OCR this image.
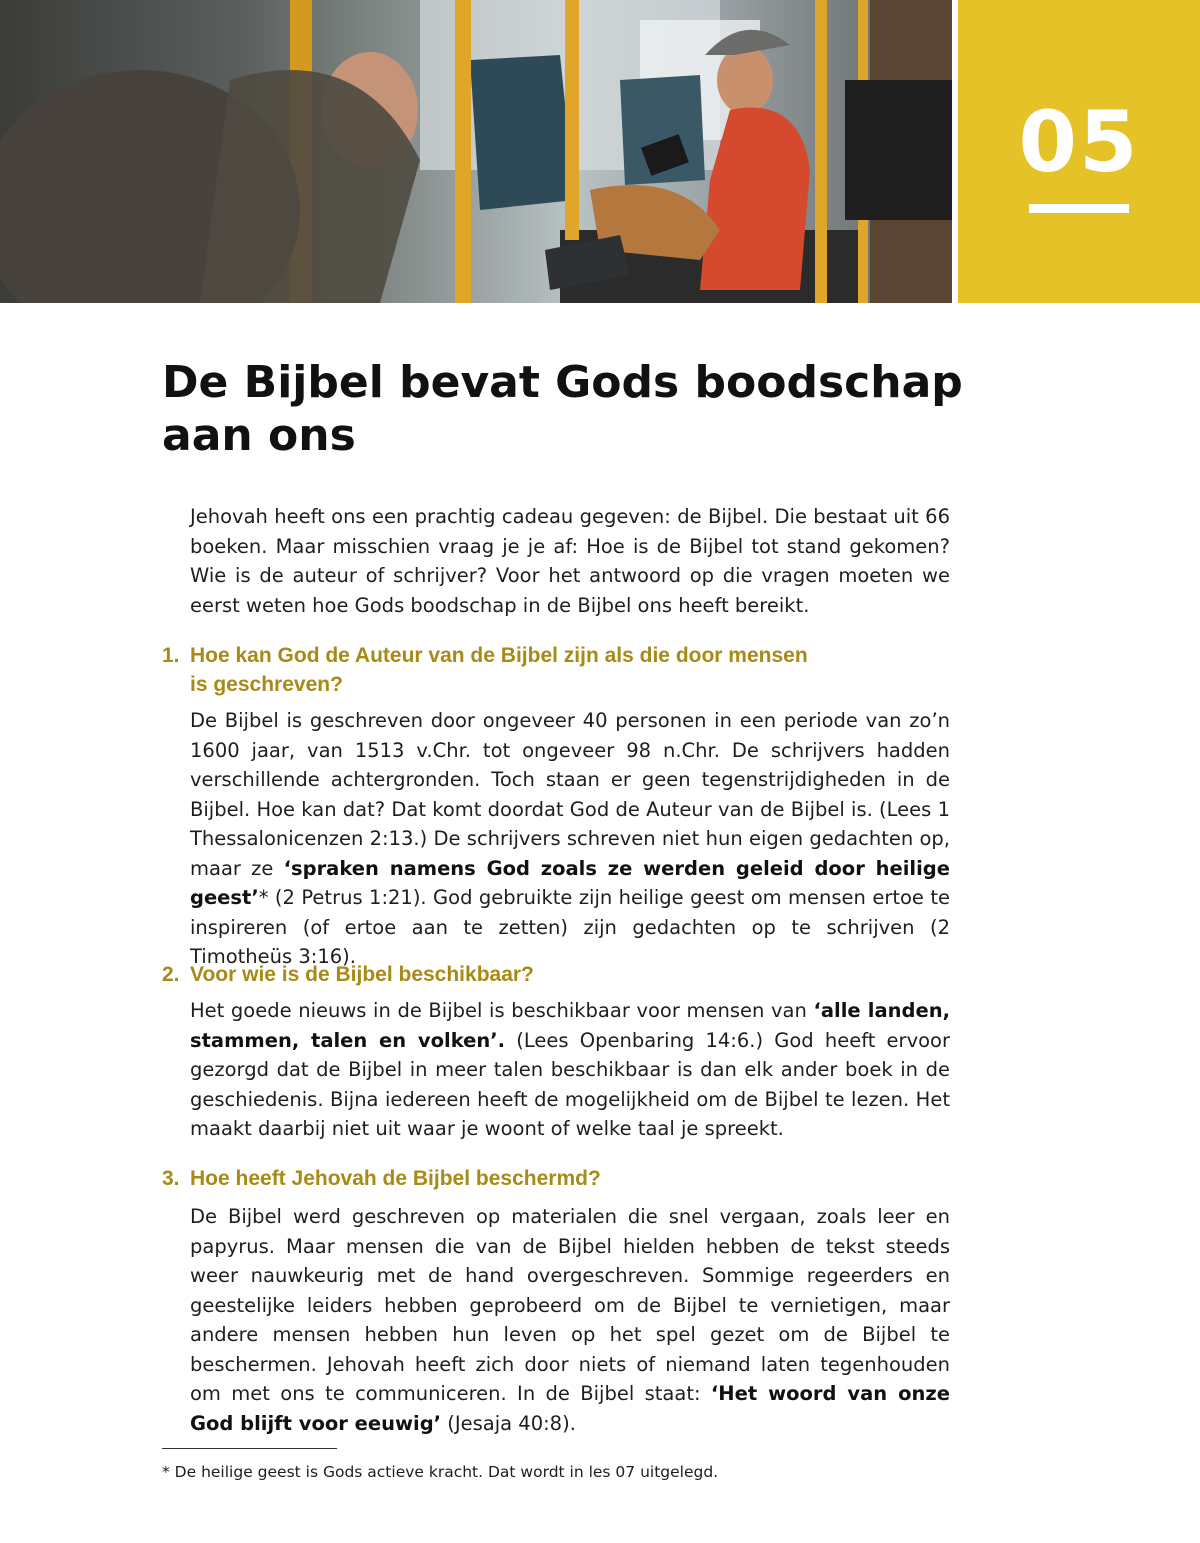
05
De Bijbel bevat Gods boodschap
aan ons

Jehovah heeft ons een prachtig cadeau gegeven: de Bijbel. Die bestaat uit 66 boeken. Maar misschien vraag je je af: Hoe is de Bijbel tot stand gekomen? Wie is de auteur of schrijver? Voor het antwoord op die vragen moeten we eerst weten hoe Gods boodschap in de Bijbel ons heeft bereikt.

1. Hoe kan God de Auteur van de Bijbel zijn als die door mensen
is geschreven?

De Bijbel is geschreven door ongeveer 40 personen in een periode van zo’n 1600 jaar, van 1513 v.Chr. tot ongeveer 98 n.Chr. De schrijvers hadden verschillende achtergronden. Toch staan er geen tegenstrijdigheden in de Bijbel. Hoe kan dat? Dat komt doordat God de Auteur van de Bijbel is. (Lees 1 Thessalonicenzen 2:13.) De schrijvers schreven niet hun eigen gedachten op, maar ze ‘spraken namens God zoals ze werden geleid door heilige geest’* (2 Petrus 1:21). God gebruikte zijn heilige geest om mensen ertoe te inspireren (of ertoe aan te zetten) zijn gedachten op te schrijven (2 Timotheüs 3:16).

2. Voor wie is de Bijbel beschikbaar?

Het goede nieuws in de Bijbel is beschikbaar voor mensen van ‘alle landen, stammen, talen en volken’. (Lees Openbaring 14:6.) God heeft ervoor gezorgd dat de Bijbel in meer talen beschikbaar is dan elk ander boek in de geschiedenis. Bijna iedereen heeft de mogelijkheid om de Bijbel te lezen. Het maakt daarbij niet uit waar je woont of welke taal je spreekt.

3. Hoe heeft Jehovah de Bijbel beschermd?

De Bijbel werd geschreven op materialen die snel vergaan, zoals leer en papyrus. Maar mensen die van de Bijbel hielden hebben de tekst steeds weer nauwkeurig met de hand overgeschreven. Sommige regeerders en geestelijke leiders hebben geprobeerd om de Bijbel te vernietigen, maar andere mensen hebben hun leven op het spel gezet om de Bijbel te beschermen. Jehovah heeft zich door niets of niemand laten tegenhouden om met ons te communiceren. In de Bijbel staat: ‘Het woord van onze God blijft voor eeuwig’ (Jesaja 40:8).

* De heilige geest is Gods actieve kracht. Dat wordt in les 07 uitgelegd.
